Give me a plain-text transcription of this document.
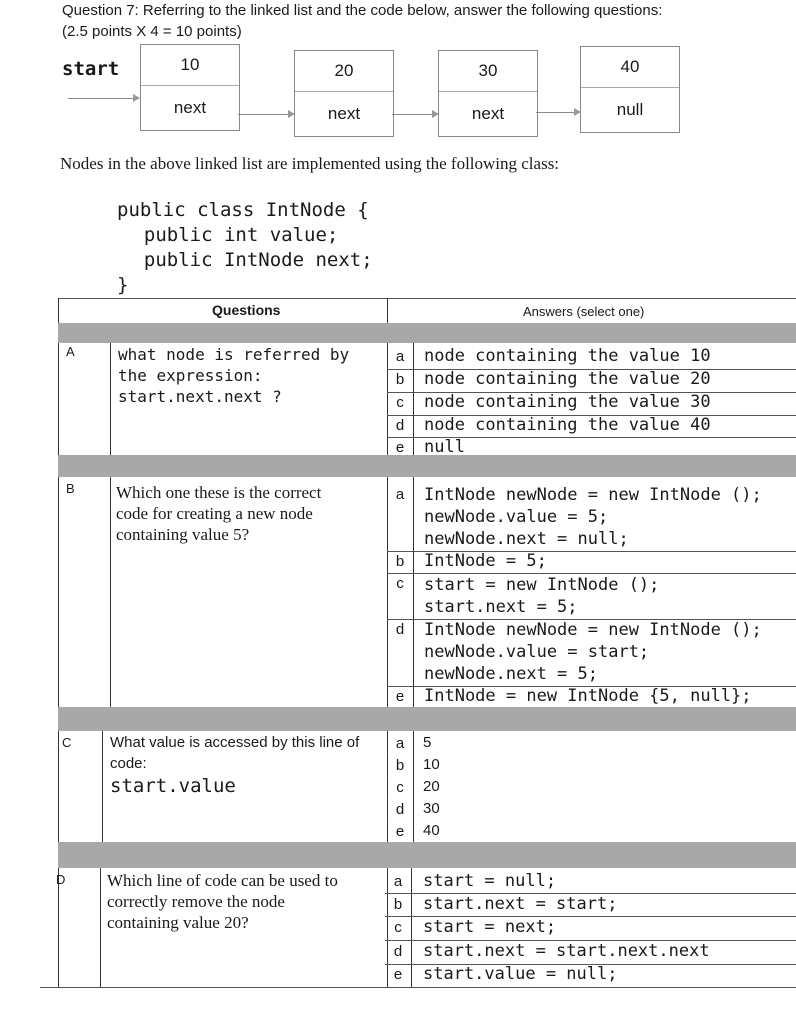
Question 7: Referring to the linked list and the code below, answer the following questions:
(2.5 points X 4 = 10 points)
start	10
next
20
next
30
next
40
null
Nodes in the above linked list are implemented using the following class:
public class IntNode {
public int value;
public IntNode next;
}
Questions	Answers (select one)
A	what node is referred by
the expression:
start.next.next ?
a	node containing the value 10
b	node containing the value 20
c	node containing the value 30
d	node containing the value 40
e	null
B Which one these is the correct
code for creating a new node
containing value 5?
a	IntNode newNode = new IntNode ();
newNode.value = 5;
newNode.next = null;
b	IntNode = 5;
c	start = new IntNode ();
start.next = 5;
d	IntNode newNode = new IntNode ();
newNode.value = start;
newNode.next = 5;
e	IntNode = new IntNode {5, null};
C	What value is accessed by this line of
code:
start.value
a	5
b	10
c	20
d	30
e	40
D Which line of code can be used to
correctly remove the node
containing value 20?
a	start = null;
b	start.next = start;
c	start = next;
d	start.next = start.next.next
e	start.value = null;
